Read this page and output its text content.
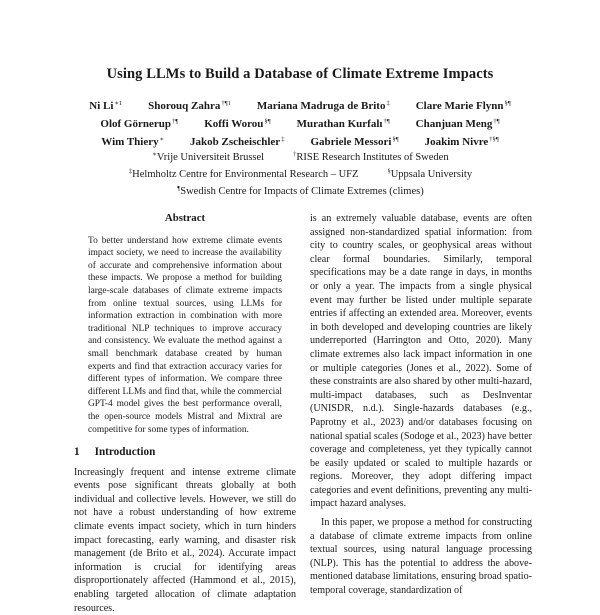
Using LLMs to Build a Database of Climate Extreme Impacts
Ni $Li^{∗1}$ Shorouq Zahra$^{\dagger\P 1}$ Mariana Madruga de Brito‡ Clare Marie Flynn§¶
Olof Görnerup†¶ Koffi Worou§¶ Murathan Kurfalı†¶ Chanjuan Meng†¶
Wim Thiery∗ Jakob Zscheischler‡ Gabriele Messori§¶ Joakim Nivre†§¶
∗Vrije Universiteit Brussel	†RISE Research Institutes of Sweden
‡Helmholtz Centre for Environmental Research – UFZ	§Uppsala University
¶Swedish Centre for Impacts of Climate Extremes (climes)
Abstract

To better understand how extreme climate events impact society, we need to increase the availability of accurate and comprehensive information about these impacts. We propose a method for building large-scale databases of climate extreme impacts from online textual sources, using LLMs for information extraction in combination with more traditional NLP techniques to improve accuracy and consistency. We evaluate the method against a small benchmark database created by human experts and find that extraction accuracy varies for different types of information. We compare three different LLMs and find that, while the commercial GPT-4 model gives the best performance overall, the open-source models Mistral and Mixtral are competitive for some types of information.

1 Introduction

Increasingly frequent and intense extreme climate events pose significant threats globally at both individual and collective levels. However, we still do not have a robust understanding of how extreme climate events impact society, which in turn hinders impact forecasting, early warning, and disaster risk management (de Brito et al., 2024). Accurate impact information is crucial for identifying areas disproportionately affected (Hammond et al., 2015), enabling targeted allocation of climate adaptation resources.

is an extremely valuable database, events are often assigned non-standardized spatial information: from city to country scales, or geophysical areas without clear formal boundaries. Similarly, temporal specifications may be a date range in days, in months or only a year. The impacts from a single physical event may further be listed under multiple separate entries if affecting an extended area. Moreover, events in both developed and developing countries are likely underreported (Harrington and Otto, 2020). Many climate extremes also lack impact information in one or multiple categories (Jones et al., 2022). Some of these constraints are also shared by other multi-hazard, multi-impact databases, such as DesInventar (UNISDR, n.d.). Single-hazards databases (e.g., Paprotny et al., 2023) and/or databases focusing on national spatial scales (Sodoge et al., 2023) have better coverage and completeness, yet they typically cannot be easily updated or scaled to multiple hazards or regions. Moreover, they adopt differing impact categories and event definitions, preventing any multi-impact hazard analyses.

In this paper, we propose a method for constructing a database of climate extreme impacts from online textual sources, using natural language processing (NLP). This has the potential to address the above-mentioned database limitations, ensuring broad spatio-temporal coverage, standardization of
